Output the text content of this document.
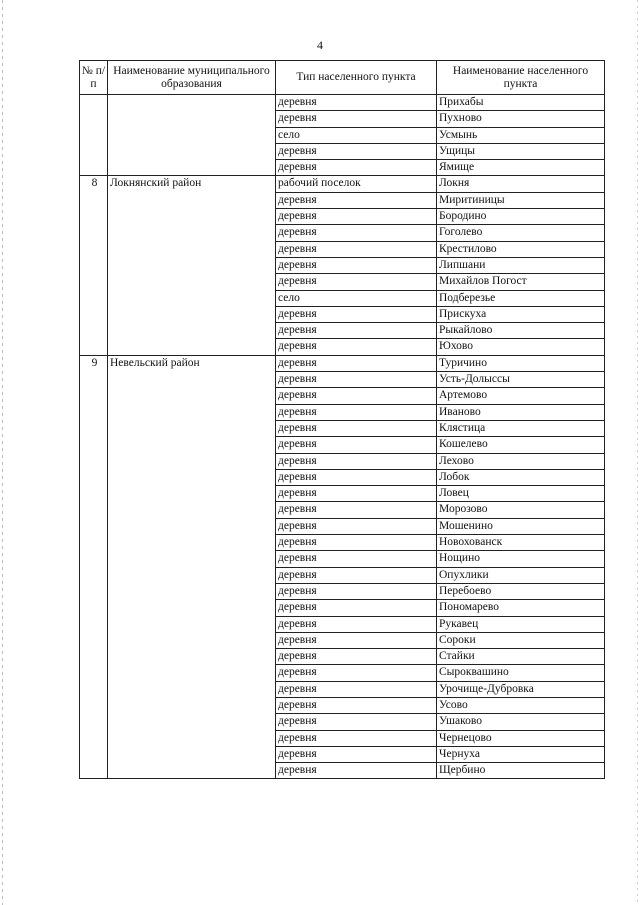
4
№ п/п	Наименование муниципального образования	Тип населенного пункта	Наименование населенного пункта
		деревня	Прихабы
		деревня	Пухново
		село	Усмынь
		деревня	Ущицы
		деревня	Ямище
8	Локнянский район	рабочий поселок	Локня
		деревня	Миритиницы
		деревня	Бородино
		деревня	Гоголево
		деревня	Крестилово
		деревня	Липшани
		деревня	Михайлов Погост
		село	Подберезье
		деревня	Прискуха
		деревня	Рыкайлово
		деревня	Юхово
9	Невельский район	деревня	Туричино
		деревня	Усть-Долыссы
		деревня	Артемово
		деревня	Иваново
		деревня	Клястица
		деревня	Кошелево
		деревня	Лехово
		деревня	Лобок
		деревня	Ловец
		деревня	Морозово
		деревня	Мошенино
		деревня	Новохованск
		деревня	Нощино
		деревня	Опухлики
		деревня	Перебоево
		деревня	Пономарево
		деревня	Рукавец
		деревня	Сороки
		деревня	Стайки
		деревня	Сыроквашино
		деревня	Урочище-Дубровка
		деревня	Усово
		деревня	Ушаково
		деревня	Чернецово
		деревня	Чернуха
		деревня	Щербино
